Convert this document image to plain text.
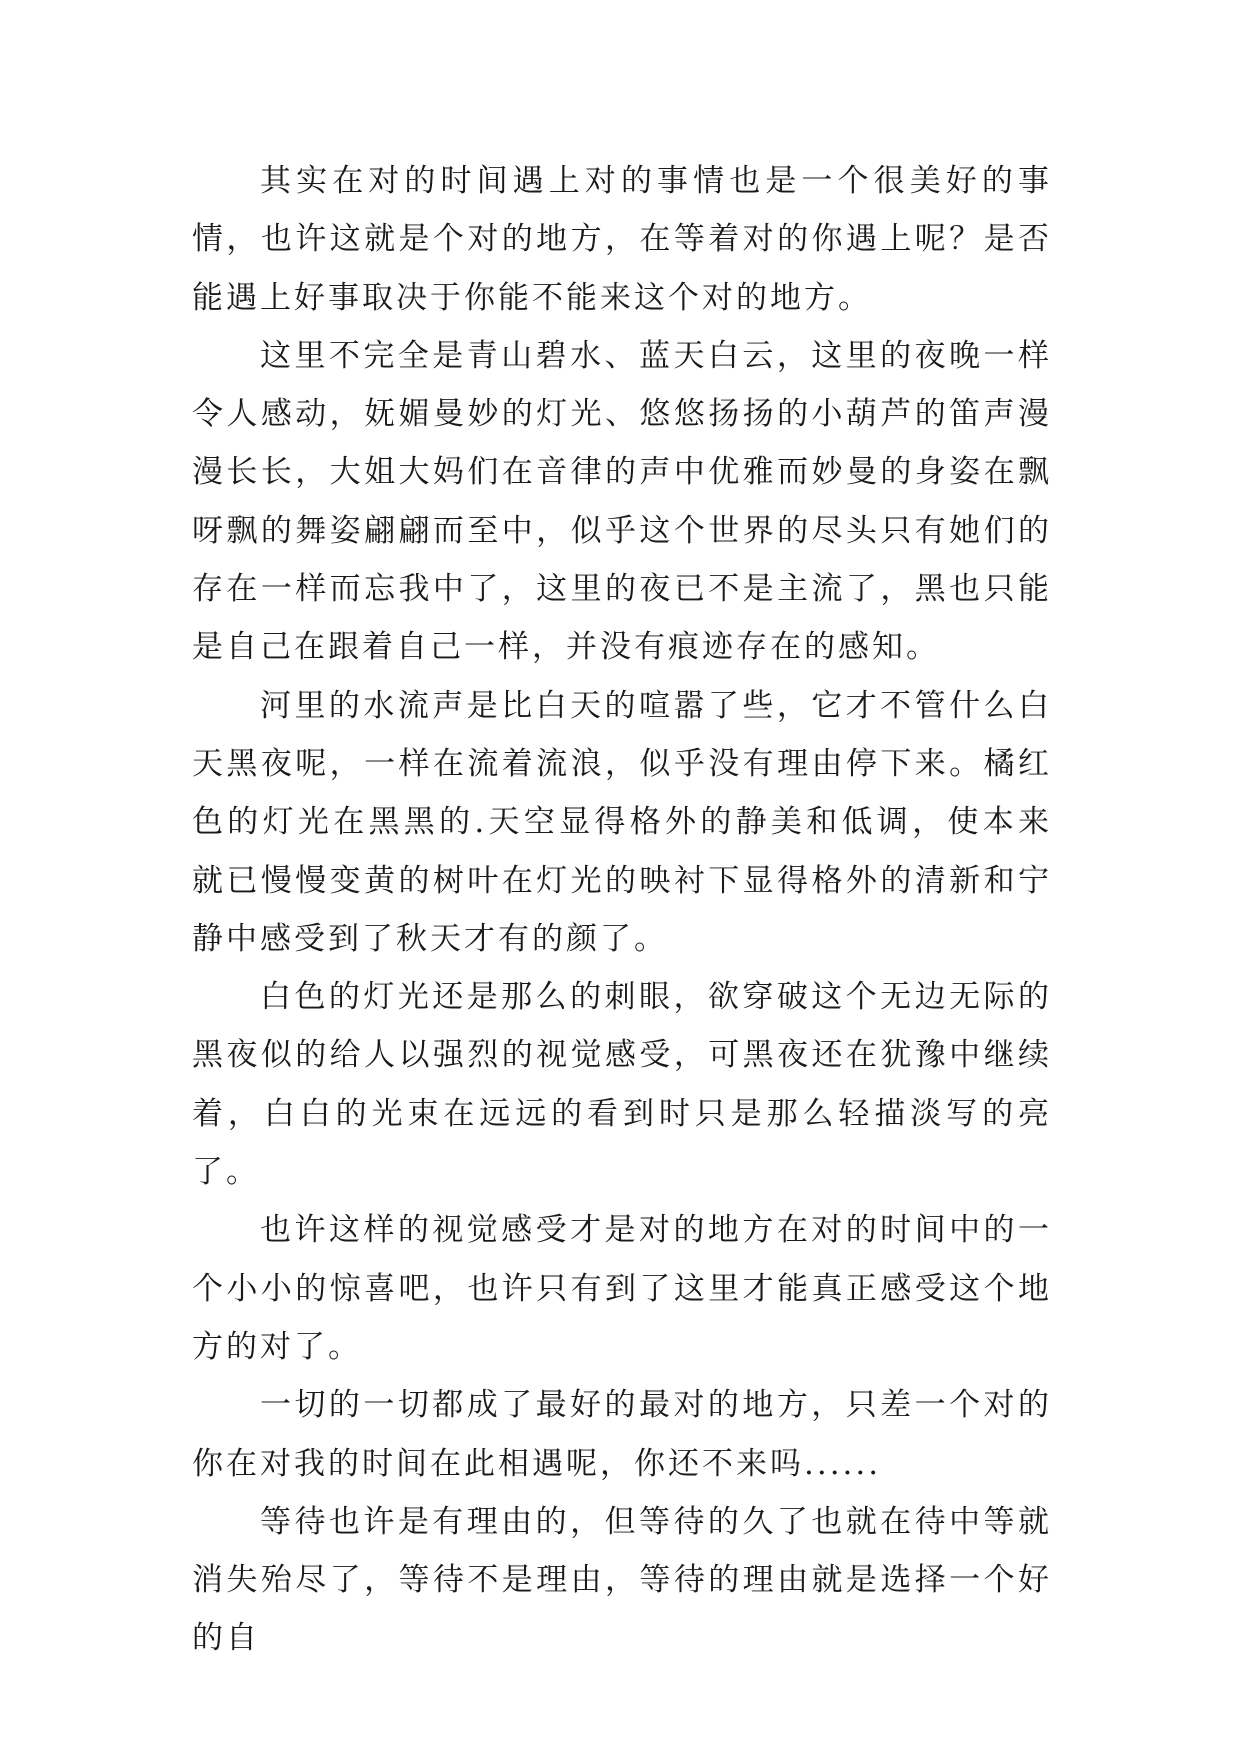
其实在对的时间遇上对的事情也是一个很美好的事情，也许这就是个对的地方，在等着对的你遇上呢？是否能遇上好事取决于你能不能来这个对的地方。

这里不完全是青山碧水、蓝天白云，这里的夜晚一样令人感动，妩媚曼妙的灯光、悠悠扬扬的小葫芦的笛声漫漫长长，大姐大妈们在音律的声中优雅而妙曼的身姿在飘呀飘的舞姿翩翩而至中，似乎这个世界的尽头只有她们的存在一样而忘我中了，这里的夜已不是主流了，黑也只能是自己在跟着自己一样，并没有痕迹存在的感知。

河里的水流声是比白天的喧嚣了些，它才不管什么白天黑夜呢，一样在流着流浪，似乎没有理由停下来。橘红色的灯光在黑黑的.天空显得格外的静美和低调，使本来就已慢慢变黄的树叶在灯光的映衬下显得格外的清新和宁静中感受到了秋天才有的颜了。

白色的灯光还是那么的刺眼，欲穿破这个无边无际的黑夜似的给人以强烈的视觉感受，可黑夜还在犹豫中继续着，白白的光束在远远的看到时只是那么轻描淡写的亮了。

也许这样的视觉感受才是对的地方在对的时间中的一个小小的惊喜吧，也许只有到了这里才能真正感受这个地方的对了。

一切的一切都成了最好的最对的地方，只差一个对的你在对我的时间在此相遇呢，你还不来吗......

等待也许是有理由的，但等待的久了也就在待中等就消失殆尽了，等待不是理由，等待的理由就是选择一个好的自
